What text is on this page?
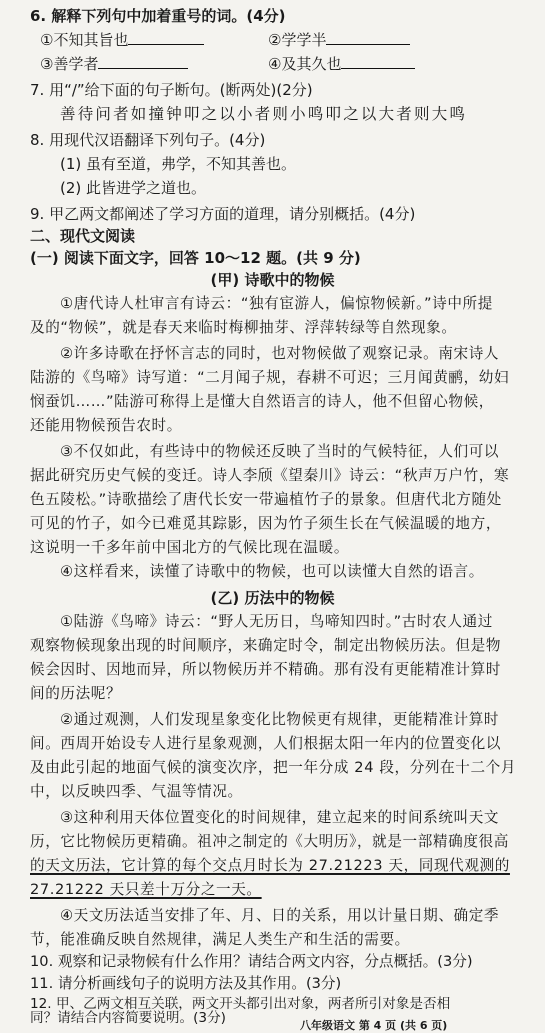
6. 解释下列句中加着重号的词。(4分)
①不知其旨也	②学学半
③善学者	④及其久也
7. 用“/”给下面的句子断句。(断两处)(2分)
善待问者如撞钟叩之以小者则小鸣叩之以大者则大鸣
8. 用现代汉语翻译下列句子。(4分)
(1) 虽有至道，弗学，不知其善也。
(2) 此皆进学之道也。
9. 甲乙两文都阐述了学习方面的道理，请分别概括。(4分)
二、现代文阅读
(一) 阅读下面文字，回答 10～12 题。(共 9 分)
(甲) 诗歌中的物候
①唐代诗人杜审言有诗云：“独有宦游人，偏惊物候新。”诗中所提
及的“物候”，就是春天来临时梅柳抽芽、浮萍转绿等自然现象。
②许多诗歌在抒怀言志的同时，也对物候做了观察记录。南宋诗人
陆游的《鸟啼》诗写道：“二月闻子规，春耕不可迟；三月闻黄鹂，幼妇
悯蚕饥……”陆游可称得上是懂大自然语言的诗人，他不但留心物候，
还能用物候预告农时。
③不仅如此，有些诗中的物候还反映了当时的气候特征，人们可以
据此研究历史气候的变迁。诗人李颀《望秦川》诗云：“秋声万户竹，寒
色五陵松。”诗歌描绘了唐代长安一带遍植竹子的景象。但唐代北方随处
可见的竹子，如今已难觅其踪影，因为竹子须生长在气候温暖的地方，
这说明一千多年前中国北方的气候比现在温暖。
④这样看来，读懂了诗歌中的物候，也可以读懂大自然的语言。
(乙) 历法中的物候
①陆游《鸟啼》诗云：“野人无历日，鸟啼知四时。”古时农人通过
观察物候现象出现的时间顺序，来确定时令，制定出物候历法。但是物
候会因时、因地而异，所以物候历并不精确。那有没有更能精准计算时
间的历法呢？
②通过观测，人们发现星象变化比物候更有规律，更能精准计算时
间。西周开始设专人进行星象观测，人们根据太阳一年内的位置变化以
及由此引起的地面气候的演变次序，把一年分成 24 段，分列在十二个月
中，以反映四季、气温等情况。
③这种利用天体位置变化的时间规律，建立起来的时间系统叫天文
历，它比物候历更精确。祖冲之制定的《大明历》，就是一部精确度很高
的天文历法，它计算的每个交点月时长为 27.21223 天，同现代观测的
27.21222 天只差十万分之一天。
④天文历法适当安排了年、月、日的关系，用以计量日期、确定季
节，能准确反映自然规律，满足人类生产和生活的需要。
10. 观察和记录物候有什么作用？请结合两文内容，分点概括。(3分)
11. 请分析画线句子的说明方法及其作用。(3分)
12. 甲、乙两文相互关联，两文开头都引出对象，两者所引对象是否相
同？请结合内容简要说明。(3分)	八年级语文 第 4 页 (共 6 页)
